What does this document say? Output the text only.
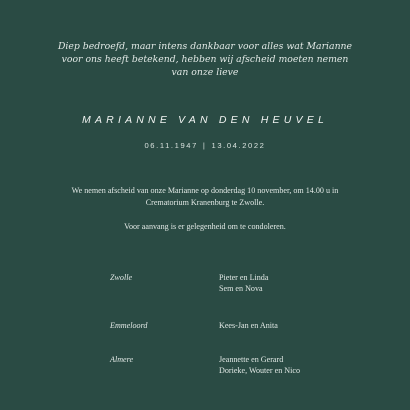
Diep bedroefd, maar intens dankbaar voor alles wat Marianne
voor ons heeft betekend, hebben wij afscheid moeten nemen
van onze lieve
MARIANNE VAN DEN HEUVEL
06.11.1947 | 13.04.2022
We nemen afscheid van onze Marianne op donderdag 10 november, om 14.00 u in
Crematorium Kranenburg te Zwolle.
Voor aanvang is er gelegenheid om te condoleren.
Zwolle	Pieter en Linda
Sem en Nova
Emmeloord	Kees-Jan en Anita
Almere	Jeannette en Gerard
Dorieke, Wouter en Nico
